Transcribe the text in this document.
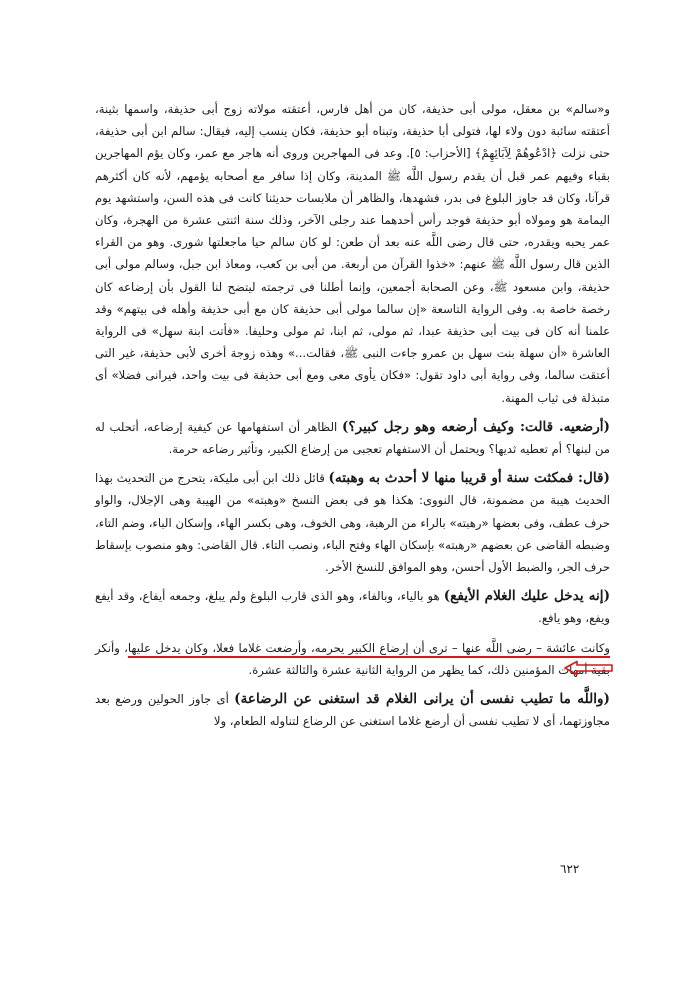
و«سالم» بن معقل، مولى أبى حذيفة، كان من أهل فارس، أعتقته مولاته زوج أبى حذيفة، واسمها بثينة، أعتقته سائبة دون ولاء لها، فتولى أبا حذيفة، وتبناه أبو حذيفة، فكان ينسب إليه، فيقال: سالم ابن أبى حذيفة، حتى نزلت ﴿ادْعُوهُمْ لِآبَائِهِمْ﴾ [الأحزاب: ٥]. وعد فى المهاجرين وروى أنه هاجر مع عمر، وكان يؤم المهاجرين بقباء وفيهم عمر قبل أن يقدم رسول اللَّه ﷺ المدينة، وكان إذا سافر مع أصحابه يؤمهم، لأنه كان أكثرهم قرآنا، وكان قد جاوز البلوغ فى بدر، فشهدها، والظاهر أن ملابسات حديثنا كانت فى هذه السن، واستشهد يوم اليمامة هو ومولاه أبو حذيفة فوجد رأس أحدهما عند رجلى الآخر، وذلك سنة اثنتى عشرة من الهجرة، وكان عمر يحبه ويقدره، حتى قال رضى اللَّه عنه بعد أن طعن: لو كان سالم حيا ماجعلتها شورى. وهو من القراء الذين قال رسول اللَّه ﷺ عنهم: «خذوا القرآن من أربعة. من أبى بن كعب، ومعاذ ابن جبل، وسالم مولى أبى حذيفة، وابن مسعود ﷺ، وعن الصحابة أجمعين، وإنما أطلنا فى ترجمته ليتضح لنا القول بأن إرضاعه كان رخصة خاصة به. وفى الرواية التاسعة «إن سالما مولى أبى حذيفة كان مع أبى حذيفة وأهله فى بيتهم» وقد علمنا أنه كان فى بيت أبى حذيفة عبدا، ثم مولى، ثم ابنا، ثم مولى وحليفا. «فأتت ابنة سهل» فى الرواية العاشرة «أن سهلة بنت سهل بن عمرو جاءت النبى ﷺ، فقالت...» وهذه زوجة أخرى لأبى حذيفة، غير التى أعتقت سالما، وفى رواية أبى داود تقول: «فكان يأوى معى ومع أبى حذيفة فى بيت واحد، فيرانى فضلا» أى متبذلة فى ثياب المهنة.

(أرضعيه. قالت: وكيف أرضعه وهو رجل كبير؟) الظاهر أن استفهامها عن كيفية إرضاعه، أتحلب له من لبنها؟ أم تعطيه ثديها؟ ويحتمل أن الاستفهام تعجبى من إرضاع الكبير، وتأثير رضاعه حرمة.

(قال: فمكثت سنة أو قريبا منها لا أحدث به وهبته) قائل ذلك ابن أبى مليكة، يتحرج من التحديث بهذا الحديث هيبة من مضمونة، قال النووى: هكذا هو فى بعض النسخ «وهبته» من الهيبة وهى الإجلال، والواو حرف عطف، وفى بعضها «رهبته» بالراء من الرهبة، وهى الخوف، وهى بكسر الهاء، وإسكان الباء، وضم التاء، وضبطه القاضى عن بعضهم «رهبته» بإسكان الهاء وفتح الباء، ونصب التاء. قال القاضى: وهو منصوب بإسقاط حرف الجر، والضبط الأول أحسن، وهو الموافق للنسخ الأخر.

(إنه يدخل عليك الغلام الأيفع) هو بالياء، وبالفاء، وهو الذى قارب البلوغ ولم يبلغ، وجمعه أيفاع، وقد أيفع ويفع، وهو يافع.

وكانت عائشة – رضى اللَّه عنها – ترى أن إرضاع الكبير يحرمه، وأرضعت غلاما فعلا، وكان يدخل عليها، وأنكر بقية أمهات المؤمنين ذلك، كما يظهر من الرواية الثانية عشرة والثالثة عشرة.

(واللَّه ما تطيب نفسى أن يرانى الغلام قد استغنى عن الرضاعة) أى جاوز الحولين ورضع بعد مجاوزتهما، أى لا تطيب نفسى أن أرضع غلاما استغنى عن الرضاع لتناوله الطعام، ولا

٦٢٢
